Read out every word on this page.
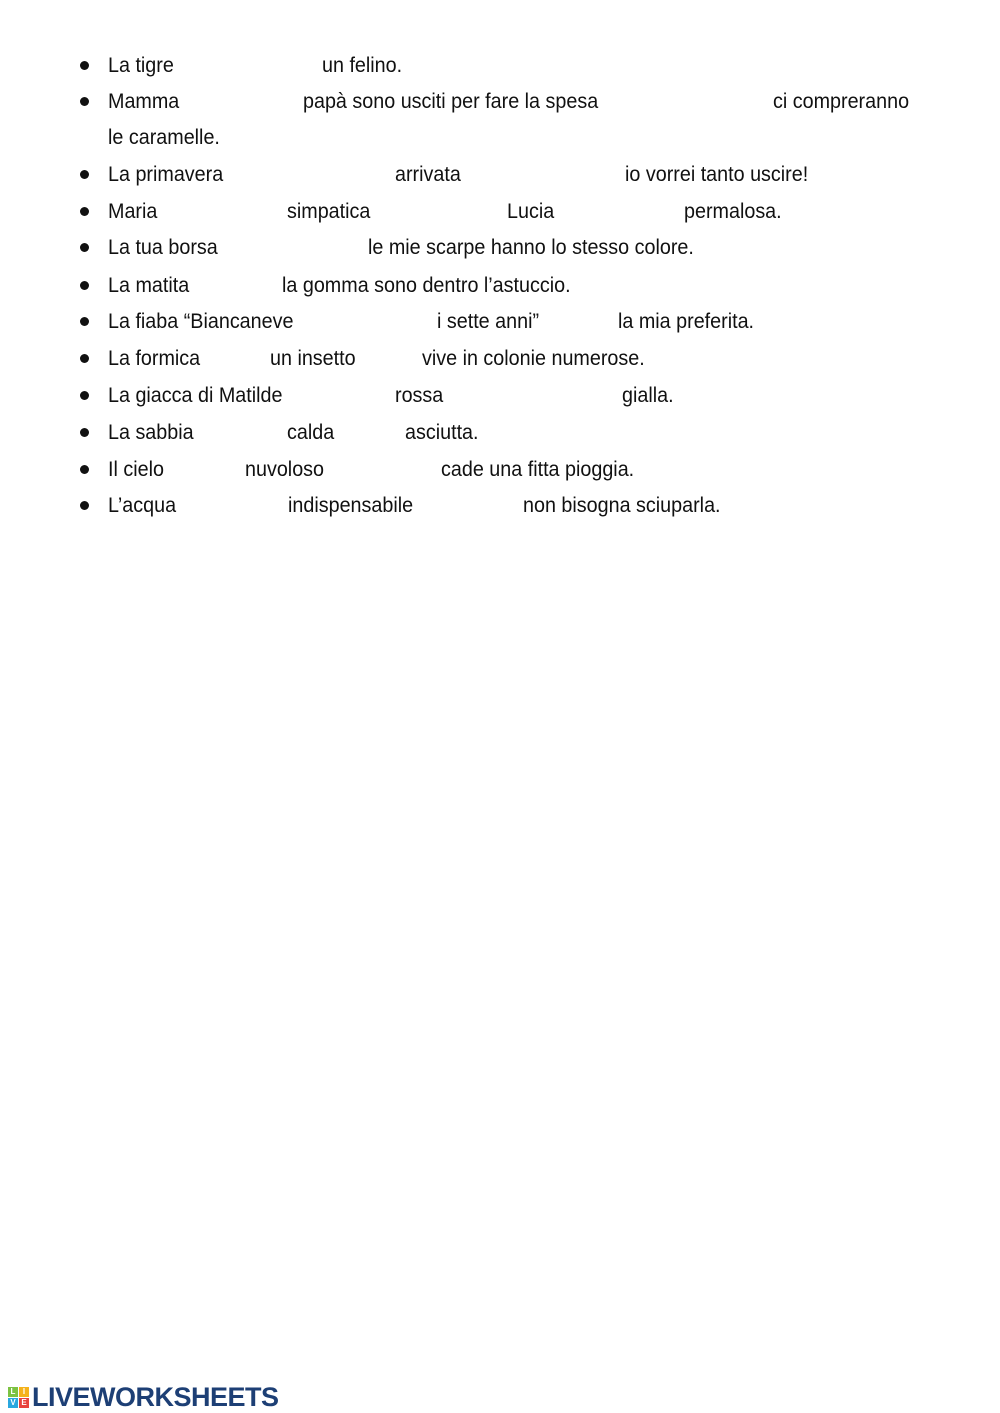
La tigre	un felino.
Mamma	papà sono usciti per fare la spesa	ci compreranno
le caramelle.
La primavera	arrivata	io vorrei tanto uscire!
Maria	simpatica	Lucia	permalosa.
La tua borsa	le mie scarpe hanno lo stesso colore.
La matita	la gomma sono dentro l’astuccio.
La fiaba “Biancaneve	i sette anni”	la mia preferita.
La formica	un insetto	vive in colonie numerose.
La giacca di Matilde	rossa	gialla.
La sabbia	calda	asciutta.
Il cielo	nuvoloso	cade una fitta pioggia.
L’acqua	indispensabile	non bisogna sciuparla.
L I
V E LIVEWORKSHEETS
